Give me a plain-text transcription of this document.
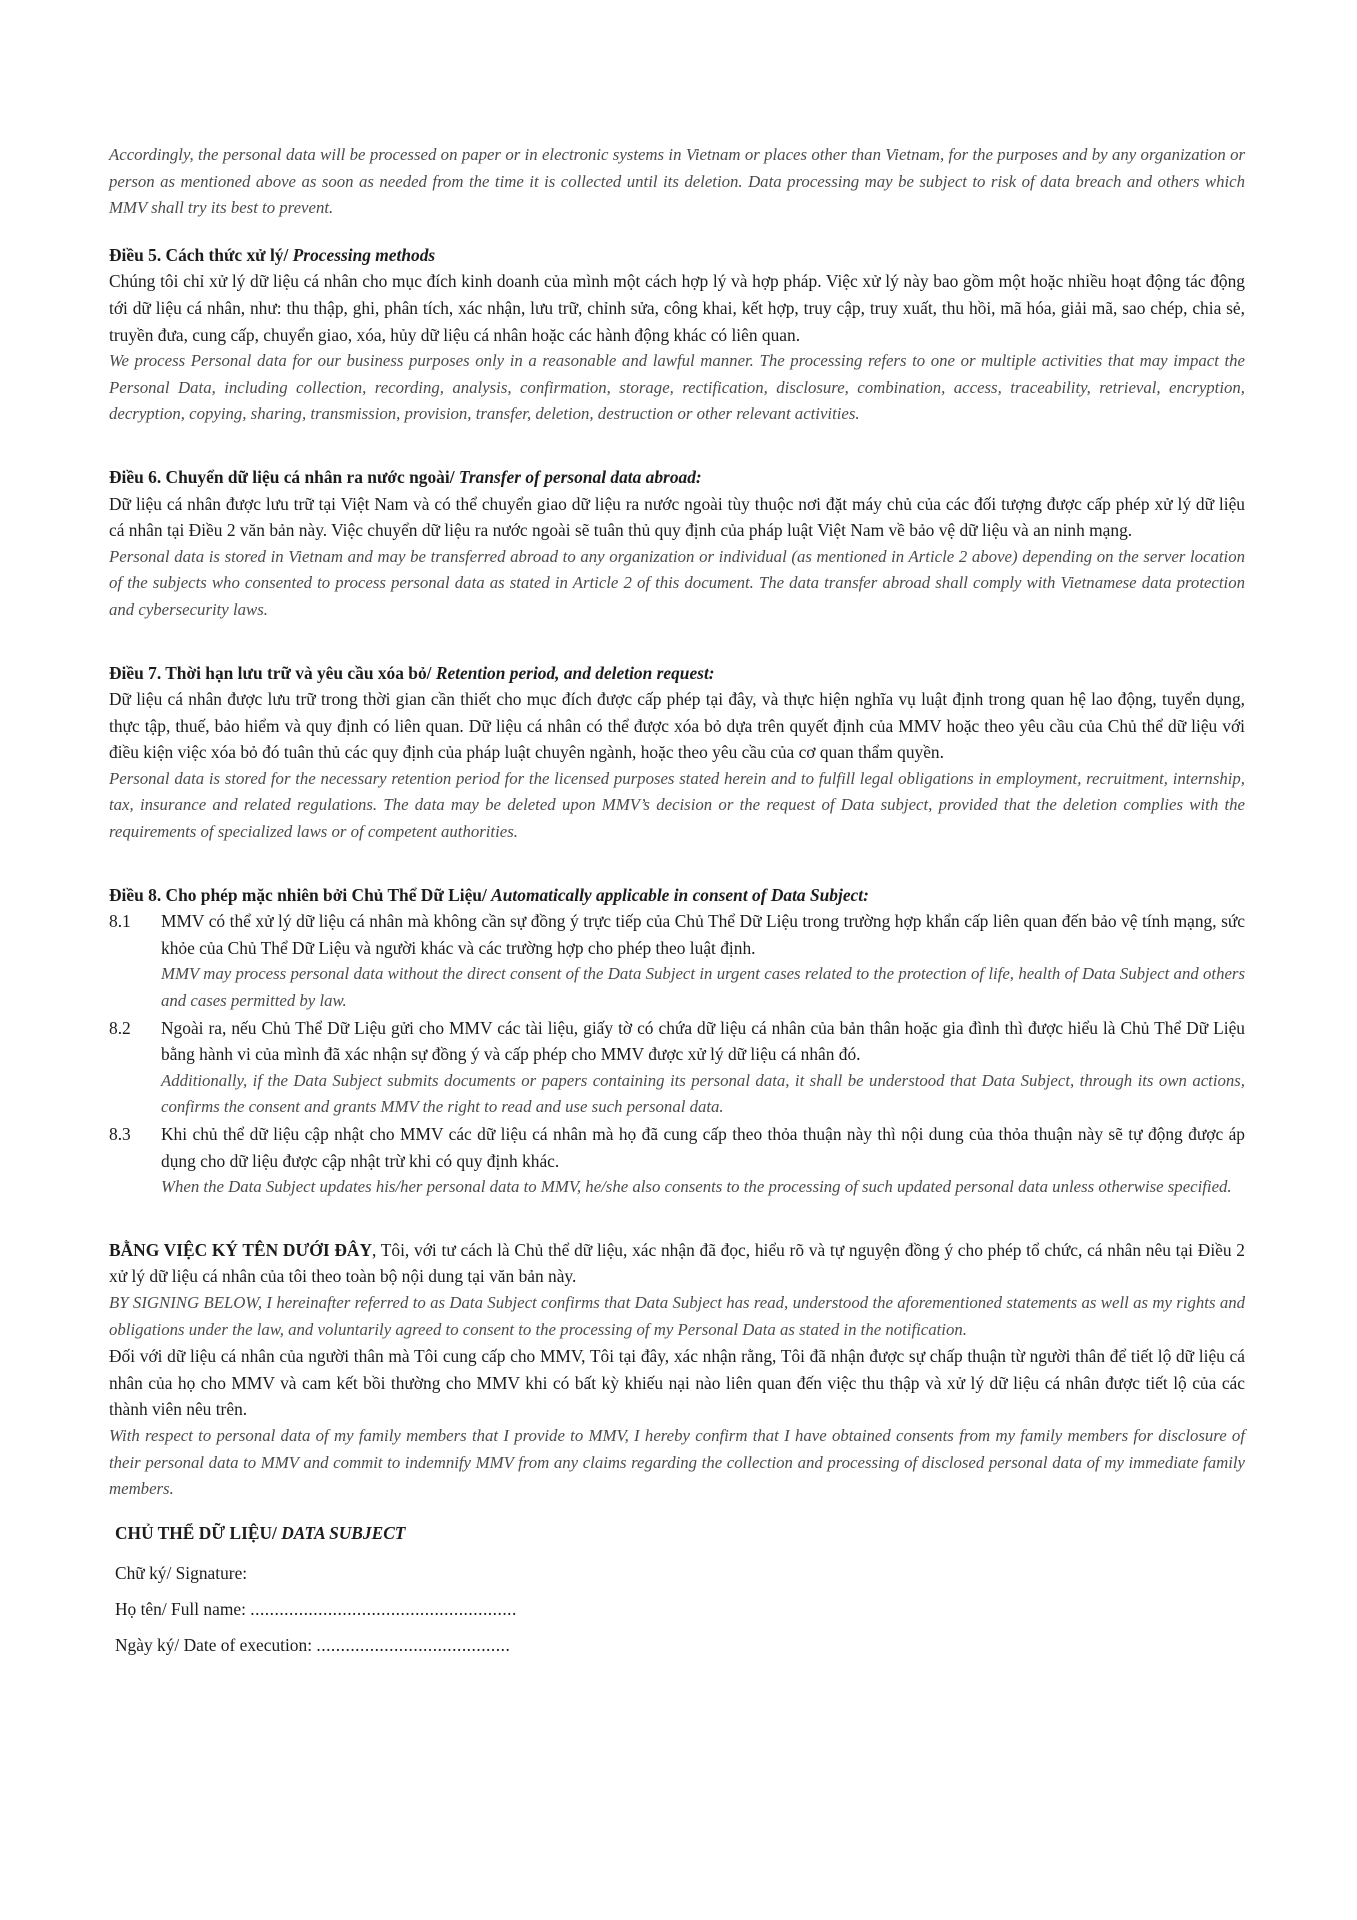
Accordingly, the personal data will be processed on paper or in electronic systems in Vietnam or places other than Vietnam, for the purposes and by any organization or person as mentioned above as soon as needed from the time it is collected until its deletion. Data processing may be subject to risk of data breach and others which MMV shall try its best to prevent.

Điều 5. Cách thức xử lý/ Processing methods

Chúng tôi chỉ xử lý dữ liệu cá nhân cho mục đích kinh doanh của mình một cách hợp lý và hợp pháp. Việc xử lý này bao gồm một hoặc nhiều hoạt động tác động tới dữ liệu cá nhân, như: thu thập, ghi, phân tích, xác nhận, lưu trữ, chỉnh sửa, công khai, kết hợp, truy cập, truy xuất, thu hồi, mã hóa, giải mã, sao chép, chia sẻ, truyền đưa, cung cấp, chuyển giao, xóa, hủy dữ liệu cá nhân hoặc các hành động khác có liên quan.

We process Personal data for our business purposes only in a reasonable and lawful manner. The processing refers to one or multiple activities that may impact the Personal Data, including collection, recording, analysis, confirmation, storage, rectification, disclosure, combination, access, traceability, retrieval, encryption, decryption, copying, sharing, transmission, provision, transfer, deletion, destruction or other relevant activities.

Điều 6. Chuyển dữ liệu cá nhân ra nước ngoài/ Transfer of personal data abroad:

Dữ liệu cá nhân được lưu trữ tại Việt Nam và có thể chuyển giao dữ liệu ra nước ngoài tùy thuộc nơi đặt máy chủ của các đối tượng được cấp phép xử lý dữ liệu cá nhân tại Điều 2 văn bản này. Việc chuyển dữ liệu ra nước ngoài sẽ tuân thủ quy định của pháp luật Việt Nam về bảo vệ dữ liệu và an ninh mạng.

Personal data is stored in Vietnam and may be transferred abroad to any organization or individual (as mentioned in Article 2 above) depending on the server location of the subjects who consented to process personal data as stated in Article 2 of this document. The data transfer abroad shall comply with Vietnamese data protection and cybersecurity laws.

Điều 7. Thời hạn lưu trữ và yêu cầu xóa bỏ/ Retention period, and deletion request:

Dữ liệu cá nhân được lưu trữ trong thời gian cần thiết cho mục đích được cấp phép tại đây, và thực hiện nghĩa vụ luật định trong quan hệ lao động, tuyển dụng, thực tập, thuế, bảo hiểm và quy định có liên quan. Dữ liệu cá nhân có thể được xóa bỏ dựa trên quyết định của MMV hoặc theo yêu cầu của Chủ thể dữ liệu với điều kiện việc xóa bỏ đó tuân thủ các quy định của pháp luật chuyên ngành, hoặc theo yêu cầu của cơ quan thẩm quyền.

Personal data is stored for the necessary retention period for the licensed purposes stated herein and to fulfill legal obligations in employment, recruitment, internship, tax, insurance and related regulations. The data may be deleted upon MMV’s decision or the request of Data subject, provided that the deletion complies with the requirements of specialized laws or of competent authorities.

Điều 8. Cho phép mặc nhiên bởi Chủ Thể Dữ Liệu/ Automatically applicable in consent of Data Subject:

8.1	MMV có thể xử lý dữ liệu cá nhân mà không cần sự đồng ý trực tiếp của Chủ Thể Dữ Liệu trong trường hợp khẩn cấp liên quan đến bảo vệ tính mạng, sức khỏe của Chủ Thể Dữ Liệu và người khác và các trường hợp cho phép theo luật định.

MMV may process personal data without the direct consent of the Data Subject in urgent cases related to the protection of life, health of Data Subject and others and cases permitted by law.

8.2	Ngoài ra, nếu Chủ Thể Dữ Liệu gửi cho MMV các tài liệu, giấy tờ có chứa dữ liệu cá nhân của bản thân hoặc gia đình thì được hiểu là Chủ Thể Dữ Liệu bằng hành vi của mình đã xác nhận sự đồng ý và cấp phép cho MMV được xử lý dữ liệu cá nhân đó.

Additionally, if the Data Subject submits documents or papers containing its personal data, it shall be understood that Data Subject, through its own actions, confirms the consent and grants MMV the right to read and use such personal data.

8.3	Khi chủ thể dữ liệu cập nhật cho MMV các dữ liệu cá nhân mà họ đã cung cấp theo thỏa thuận này thì nội dung của thỏa thuận này sẽ tự động được áp dụng cho dữ liệu được cập nhật trừ khi có quy định khác.

When the Data Subject updates his/her personal data to MMV, he/she also consents to the processing of such updated personal data unless otherwise specified.

BẰNG VIỆC KÝ TÊN DƯỚI ĐÂY, Tôi, với tư cách là Chủ thể dữ liệu, xác nhận đã đọc, hiểu rõ và tự nguyện đồng ý cho phép tổ chức, cá nhân nêu tại Điều 2 xử lý dữ liệu cá nhân của tôi theo toàn bộ nội dung tại văn bản này.

BY SIGNING BELOW, I hereinafter referred to as Data Subject confirms that Data Subject has read, understood the aforementioned statements as well as my rights and obligations under the law, and voluntarily agreed to consent to the processing of my Personal Data as stated in the notification.

Đối với dữ liệu cá nhân của người thân mà Tôi cung cấp cho MMV, Tôi tại đây, xác nhận rằng, Tôi đã nhận được sự chấp thuận từ người thân để tiết lộ dữ liệu cá nhân của họ cho MMV và cam kết bồi thường cho MMV khi có bất kỳ khiếu nại nào liên quan đến việc thu thập và xử lý dữ liệu cá nhân được tiết lộ của các thành viên nêu trên.

With respect to personal data of my family members that I provide to MMV, I hereby confirm that I have obtained consents from my family members for disclosure of their personal data to MMV and commit to indemnify MMV from any claims regarding the collection and processing of disclosed personal data of my immediate family members.

CHỦ THỂ DỮ LIỆU/ DATA SUBJECT

Chữ ký/ Signature:

Họ tên/ Full name: .......................................................

Ngày ký/ Date of execution: ........................................
